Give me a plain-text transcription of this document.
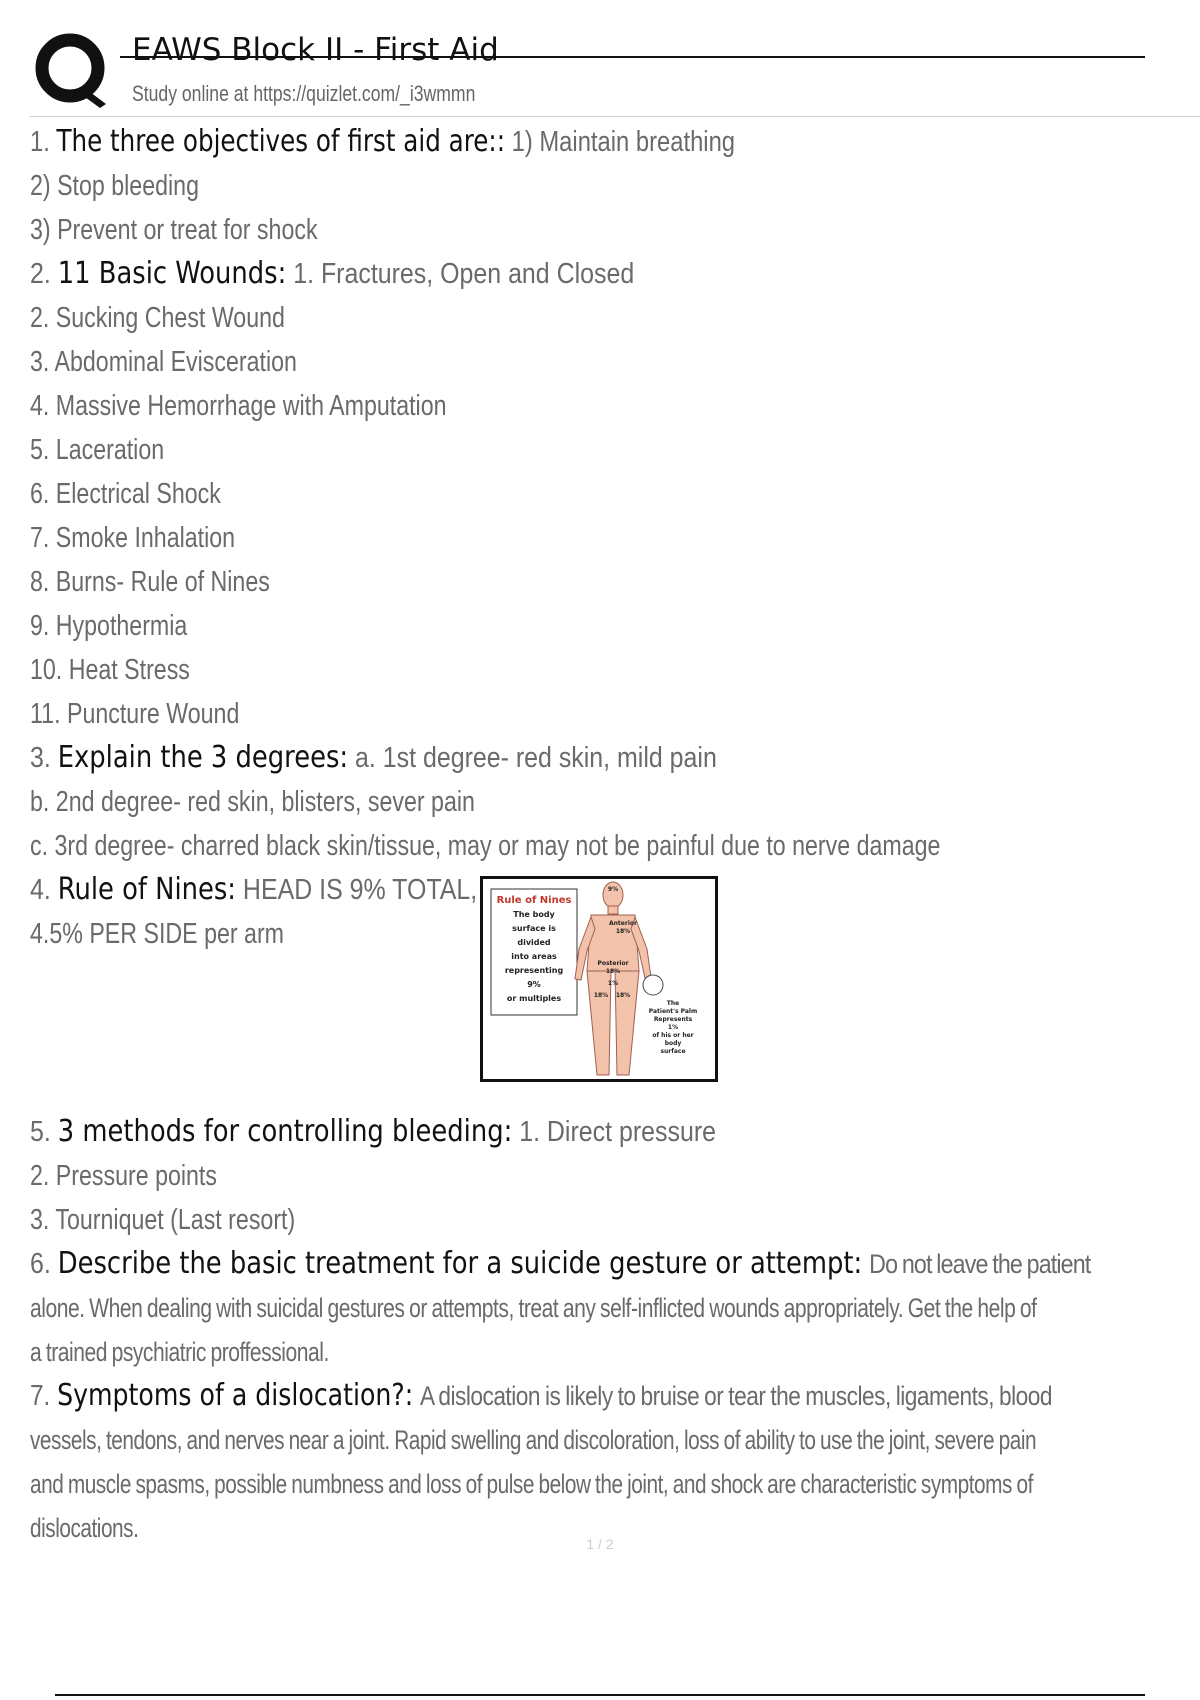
EAWS Block II - First Aid
Study online at https://quizlet.com/_i3wmmn
1. The three objectives of first aid are:: 1) Maintain breathing
2) Stop bleeding
3) Prevent or treat for shock
2. 11 Basic Wounds: 1. Fractures, Open and Closed
2. Sucking Chest Wound
3. Abdominal Evisceration
4. Massive Hemorrhage with Amputation
5. Laceration
6. Electrical Shock
7. Smoke Inhalation
8. Burns- Rule of Nines
9. Hypothermia
10. Heat Stress
11. Puncture Wound
3. Explain the 3 degrees: a. 1st degree- red skin, mild pain
b. 2nd degree- red skin, blisters, sever pain
c. 3rd degree- charred black skin/tissue, may or may not be painful due to nerve damage
4. Rule of Nines: HEAD IS 9% TOTAL,
4.5% PER SIDE per arm
Rule of Nines
The body
surface is
divided
into areas
representing
9%
or multiples
9%
Anterior
18%
Posterior
18%
1%
18% 18%
The
Patient's Palm
Represents
1%
of his or her
body
surface
5. 3 methods for controlling bleeding: 1. Direct pressure
2. Pressure points
3. Tourniquet (Last resort)
6. Describe the basic treatment for a suicide gesture or attempt: Do not leave the patient
alone. When dealing with suicidal gestures or attempts, treat any self-inflicted wounds appropriately. Get the help of
a trained psychiatric proffessional.
7. Symptoms of a dislocation?: A dislocation is likely to bruise or tear the muscles, ligaments, blood
vessels, tendons, and nerves near a joint. Rapid swelling and discoloration, loss of ability to use the joint, severe pain
and muscle spasms, possible numbness and loss of pulse below the joint, and shock are characteristic symptoms of
dislocations.
1 / 2
